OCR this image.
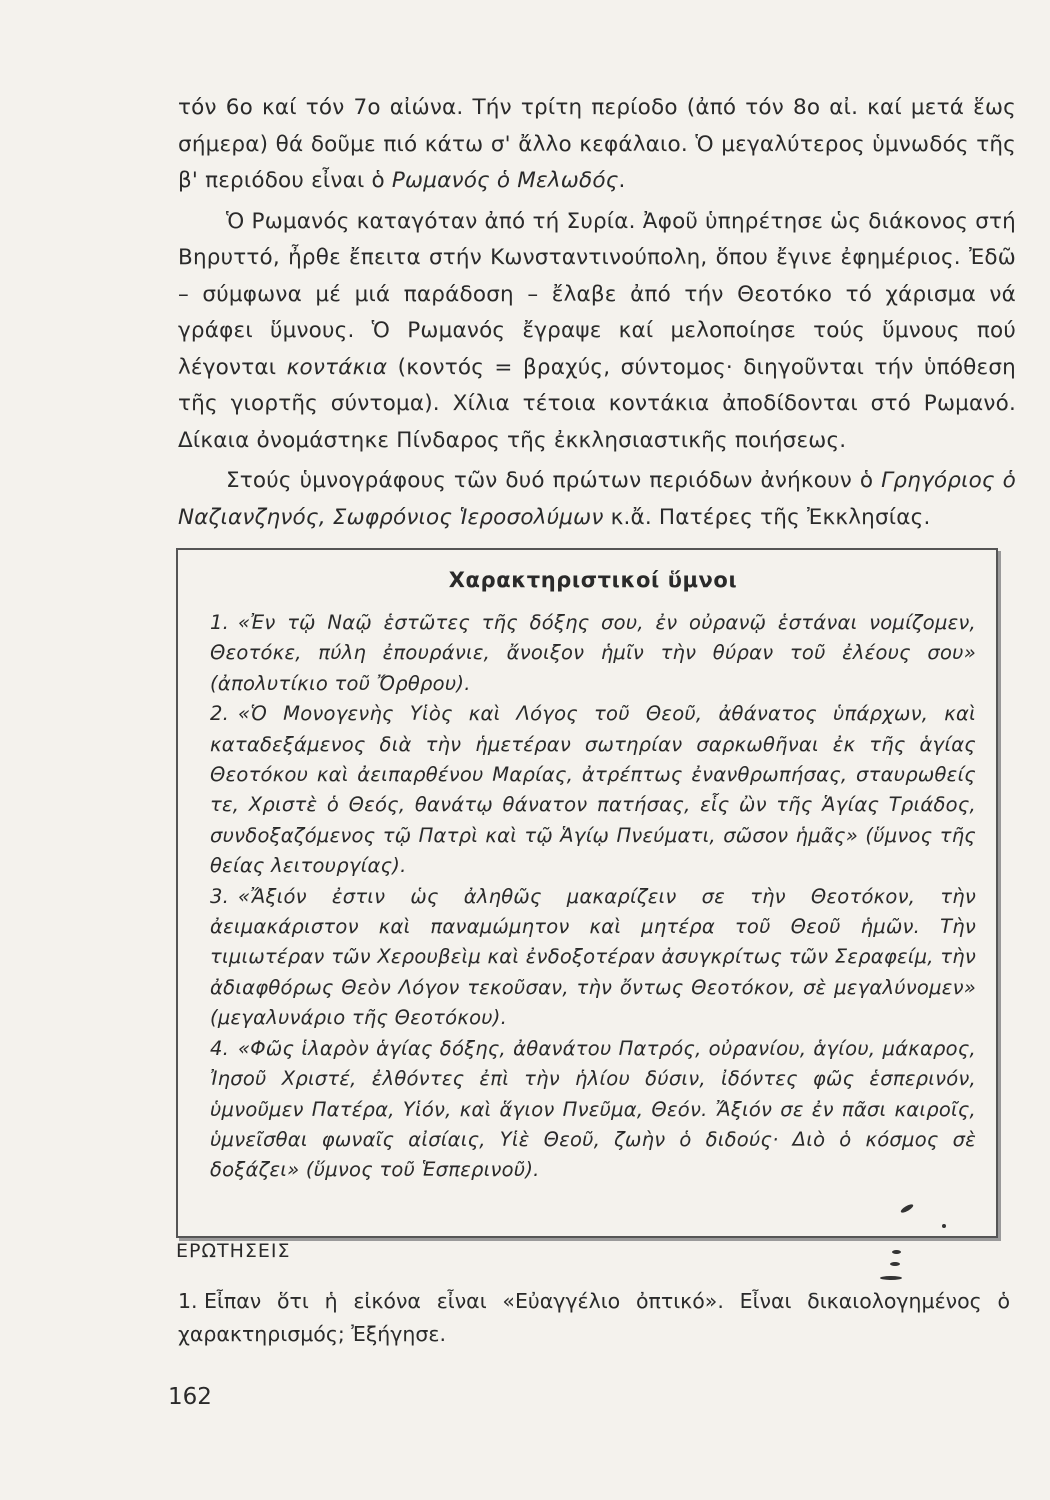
τόν 6ο καί τόν 7ο αἰώνα. Τήν τρίτη περίοδο (ἀπό τόν 8ο αἰ. καί μετά ἕως σήμερα) θά δοῦμε πιό κάτω σ' ἄλλο κεφάλαιο. Ὁ μεγαλύτερος ὑμνωδός τῆς β' περιόδου εἶναι ὁ Ρωμανός ὁ Μελωδός.

Ὁ Ρωμανός καταγόταν ἀπό τή Συρία. Ἀφοῦ ὑπηρέτησε ὡς διάκονος στή Βηρυττό, ἦρθε ἔπειτα στήν Κωνσταντινούπολη, ὅπου ἔγινε ἐφημέριος. Ἐδῶ – σύμφωνα μέ μιά παράδοση – ἔλαβε ἀπό τήν Θεοτόκο τό χάρισμα νά γράφει ὕμνους. Ὁ Ρωμανός ἔγραψε καί μελοποίησε τούς ὕμνους πού λέγονται κοντάκια (κοντός = βραχύς, σύντομος· διηγοῦνται τήν ὑπόθεση τῆς γιορτῆς σύντομα). Χίλια τέτοια κοντάκια ἀποδίδονται στό Ρωμανό. Δίκαια ὀνομάστηκε Πίνδαρος τῆς ἐκκλησιαστικῆς ποιήσεως.

Στούς ὑμνογράφους τῶν δυό πρώτων περιόδων ἀνήκουν ὁ Γρηγόριος ὁ Ναζιανζηνός, Σωφρόνιος Ἱεροσολύμων κ.ἄ. Πατέρες τῆς Ἐκκλησίας.

Χαρακτηριστικοί ὕμνοι
1. «Ἐν τῷ Ναῷ ἑστῶτες τῆς δόξης σου, ἐν οὐρανῷ ἑστάναι νομίζομεν, Θεοτόκε, πύλη ἐπουράνιε, ἄνοιξον ἡμῖν τὴν θύραν τοῦ ἐλέους σου» (ἀπολυτίκιο τοῦ Ὄρθρου).
2. «Ὁ Μονογενὴς Υἱὸς καὶ Λόγος τοῦ Θεοῦ, ἀθάνατος ὑπάρχων, καὶ καταδεξάμενος διὰ τὴν ἡμετέραν σωτηρίαν σαρκωθῆναι ἐκ τῆς ἁγίας Θεοτόκου καὶ ἀειπαρθένου Μαρίας, ἀτρέπτως ἐνανθρωπήσας, σταυρωθείς τε, Χριστὲ ὁ Θεός, θανάτῳ θάνατον πατήσας, εἷς ὢν τῆς Ἁγίας Τριάδος, συνδοξαζόμενος τῷ Πατρὶ καὶ τῷ Ἁγίῳ Πνεύματι, σῶσον ἡμᾶς» (ὕμνος τῆς θείας λειτουργίας).
3. «Ἄξιόν ἐστιν ὡς ἀληθῶς μακαρίζειν σε τὴν Θεοτόκον, τὴν ἀειμακάριστον καὶ παναμώμητον καὶ μητέρα τοῦ Θεοῦ ἡμῶν. Τὴν τιμιωτέραν τῶν Χερουβεὶμ καὶ ἐνδοξοτέραν ἀσυγκρίτως τῶν Σεραφείμ, τὴν ἀδιαφθόρως Θεὸν Λόγον τεκοῦσαν, τὴν ὄντως Θεοτόκον, σὲ μεγαλύνομεν» (μεγαλυνάριο τῆς Θεοτόκου).
4. «Φῶς ἱλαρὸν ἁγίας δόξης, ἀθανάτου Πατρός, οὐρανίου, ἁγίου, μάκαρος, Ἰησοῦ Χριστέ, ἐλθόντες ἐπὶ τὴν ἡλίου δύσιν, ἰδόντες φῶς ἑσπερινόν, ὑμνοῦμεν Πατέρα, Υἱόν, καὶ ἅγιον Πνεῦμα, Θεόν. Ἄξιόν σε ἐν πᾶσι καιροῖς, ὑμνεῖσθαι φωναῖς αἰσίαις, Υἱὲ Θεοῦ, ζωὴν ὁ διδούς· Διὸ ὁ κόσμος σὲ δοξάζει» (ὕμνος τοῦ Ἑσπερινοῦ).
ΕΡΩΤΗΣΕΙΣ
1. Εἶπαν ὅτι ἡ εἰκόνα εἶναι «Εὐαγγέλιο ὀπτικό». Εἶναι δικαιολογημένος ὁ χαρακτηρισμός; Ἐξήγησε.
162
